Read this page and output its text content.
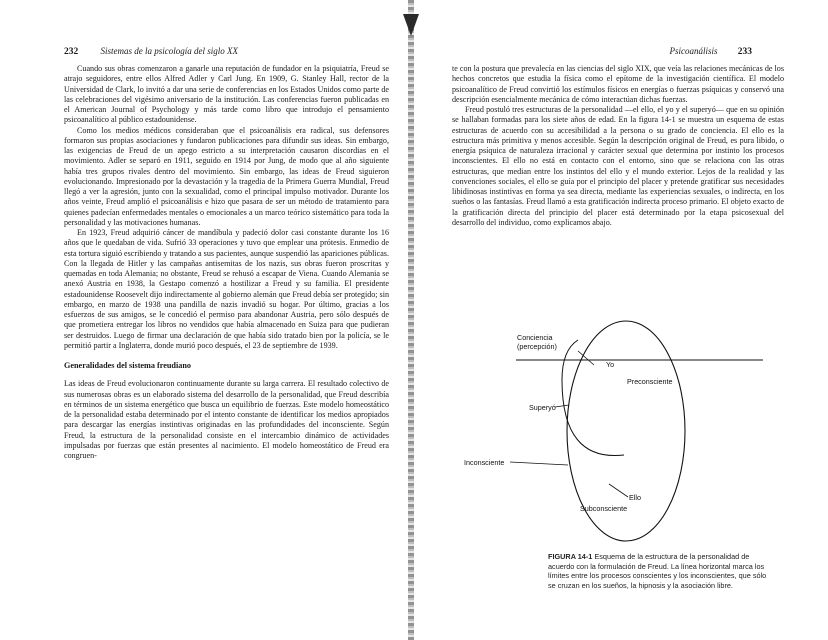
232 Sistemas de la psicología del siglo XX

Cuando sus obras comenzaron a ganarle una reputación de fundador en la psiquiatría, Freud se atrajo seguidores, entre ellos Alfred Adler y Carl Jung. En 1909, G. Stanley Hall, rector de la Universidad de Clark, lo invitó a dar una serie de conferencias en los Estados Unidos como parte de las celebraciones del vigésimo aniversario de la institución. Las conferencias fueron publicadas en el American Journal of Psychology y más tarde como libro que introdujo el pensamiento psicoanalítico al público estadounidense.

Como los medios médicos consideraban que el psicoanálisis era radical, sus defensores formaron sus propias asociaciones y fundaron publicaciones para difundir sus ideas. Sin embargo, las exigencias de Freud de un apego estricto a su interpretación causaron discordias en el movimiento. Adler se separó en 1911, seguido en 1914 por Jung, de modo que al año siguiente había tres grupos rivales dentro del movimiento. Sin embargo, las ideas de Freud siguieron evolucionando. Impresionado por la devastación y la tragedia de la Primera Guerra Mundial, Freud llegó a ver la agresión, junto con la sexualidad, como el principal impulso motivador. Durante los años veinte, Freud amplió el psicoanálisis e hizo que pasara de ser un método de tratamiento para quienes padecían enfermedades mentales o emocionales a un marco teórico sistemático para toda la personalidad y las motivaciones humanas.

En 1923, Freud adquirió cáncer de mandíbula y padeció dolor casi constante durante los 16 años que le quedaban de vida. Sufrió 33 operaciones y tuvo que emplear una prótesis. Enmedio de esta tortura siguió escribiendo y tratando a sus pacientes, aunque suspendió las apariciones públicas. Con la llegada de Hitler y las campañas antisemitas de los nazis, sus obras fueron proscritas y quemadas en toda Alemania; no obstante, Freud se rehusó a escapar de Viena. Cuando Alemania se anexó Austria en 1938, la Gestapo comenzó a hostilizar a Freud y su familia. El presidente estadounidense Roosevelt dijo indirectamente al gobierno alemán que Freud debía ser protegido; sin embargo, en marzo de 1938 una pandilla de nazis invadió su hogar. Por último, gracias a los esfuerzos de sus amigos, se le concedió el permiso para abandonar Austria, pero sólo después de que prometiera entregar los libros no vendidos que había almacenado en Suiza para que pudieran ser destruidos. Luego de firmar una declaración de que había sido tratado bien por la policía, se le permitió partir a Inglaterra, donde murió poco después, el 23 de septiembre de 1939.

Generalidades del sistema freudiano

Las ideas de Freud evolucionaron continuamente durante su larga carrera. El resultado colectivo de sus numerosas obras es un elaborado sistema del desarrollo de la personalidad, que Freud describía en términos de un sistema energético que busca un equilibrio de fuerzas. Este modelo homeostático de la personalidad estaba determinado por el intento constante de identificar los medios apropiados para descargar las energías instintivas originadas en las profundidades del inconsciente. Según Freud, la estructura de la personalidad consiste en el intercambio dinámico de actividades impulsadas por fuerzas que están presentes al nacimiento. El modelo homeostático de Freud era congruen-

Psicoanálisis 233

te con la postura que prevalecía en las ciencias del siglo XIX, que veía las relaciones mecánicas de los hechos concretos que estudia la física como el epítome de la investigación científica. El modelo psicoanalítico de Freud convirtió los estímulos físicos en energías o fuerzas psíquicas y conservó una descripción esencialmente mecánica de cómo interactúan dichas fuerzas.

Freud postuló tres estructuras de la personalidad —el ello, el yo y el superyó— que en su opinión se hallaban formadas para los siete años de edad. En la figura 14-1 se muestra un esquema de estas estructuras de acuerdo con su accesibilidad a la persona o su grado de conciencia. El ello es la estructura más primitiva y menos accesible. Según la descripción original de Freud, es pura libido, o energía psíquica de naturaleza irracional y carácter sexual que determina por instinto los procesos inconscientes. El ello no está en contacto con el entorno, sino que se relaciona con las otras estructuras, que median entre los instintos del ello y el mundo exterior. Lejos de la realidad y las convenciones sociales, el ello se guía por el principio del placer y pretende gratificar sus necesidades libidinosas instintivas en forma ya sea directa, mediante las experiencias sexuales, o indirecta, en los sueños o las fantasías. Freud llamó a esta gratificación indirecta proceso primario. El objeto exacto de la gratificación directa del principio del placer está determinado por la etapa psicosexual del desarrollo del individuo, como explicamos abajo.

Conciencia
(percepción)
Yo
Preconsciente
Superyó
Inconsciente
Ello
Subconsciente
FIGURA 14-1 Esquema de la estructura de la personalidad de acuerdo con la formulación de Freud. La línea horizontal marca los límites entre los procesos conscientes y los inconscientes, que sólo se cruzan en los sueños, la hipnosis y la asociación libre.
